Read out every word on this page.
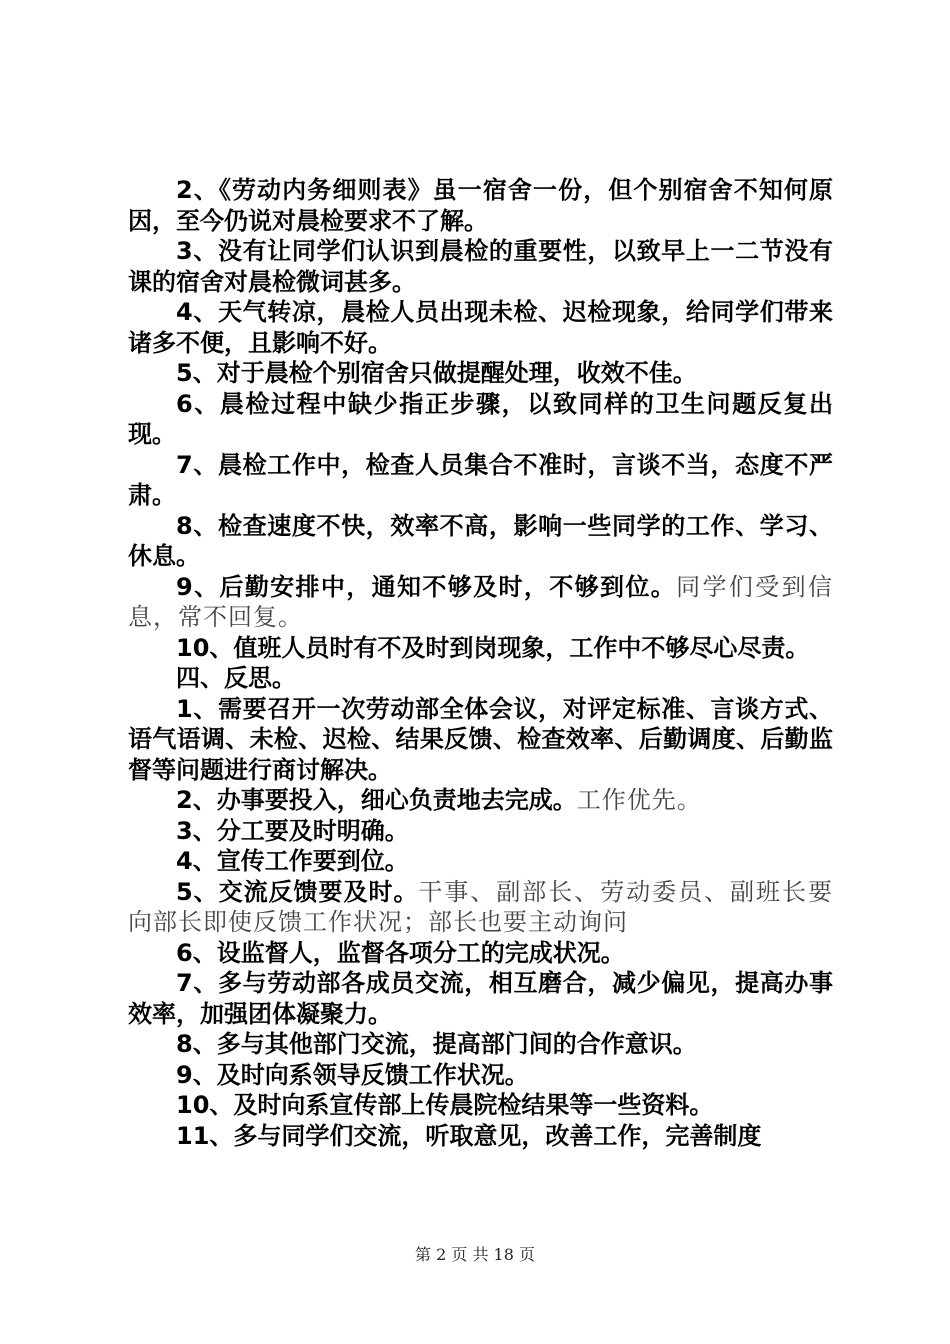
2、《劳动内务细则表》虽一宿舍一份，但个别宿舍不知何原因，至今仍说对晨检要求不了解。

3、没有让同学们认识到晨检的重要性，以致早上一二节没有课的宿舍对晨检微词甚多。

4、天气转凉，晨检人员出现未检、迟检现象，给同学们带来诸多不便，且影响不好。

5、对于晨检个别宿舍只做提醒处理，收效不佳。

6、晨检过程中缺少指正步骤，以致同样的卫生问题反复出现。

7、晨检工作中，检查人员集合不准时，言谈不当，态度不严肃。

8、检查速度不快，效率不高，影响一些同学的工作、学习、休息。

9、后勤安排中，通知不够及时，不够到位。同学们受到信息，常不回复。

10、值班人员时有不及时到岗现象，工作中不够尽心尽责。

四、反思。

1、需要召开一次劳动部全体会议，对评定标准、言谈方式、语气语调、未检、迟检、结果反馈、检查效率、后勤调度、后勤监督等问题进行商讨解决。

2、办事要投入，细心负责地去完成。工作优先。

3、分工要及时明确。

4、宣传工作要到位。

5、交流反馈要及时。干事、副部长、劳动委员、副班长要向部长即使反馈工作状况；部长也要主动询问

6、设监督人，监督各项分工的完成状况。

7、多与劳动部各成员交流，相互磨合，减少偏见，提高办事效率，加强团体凝聚力。

8、多与其他部门交流，提高部门间的合作意识。

9、及时向系领导反馈工作状况。

10、及时向系宣传部上传晨院检结果等一些资料。

11、多与同学们交流，听取意见，改善工作，完善制度

第 2 页 共 18 页
